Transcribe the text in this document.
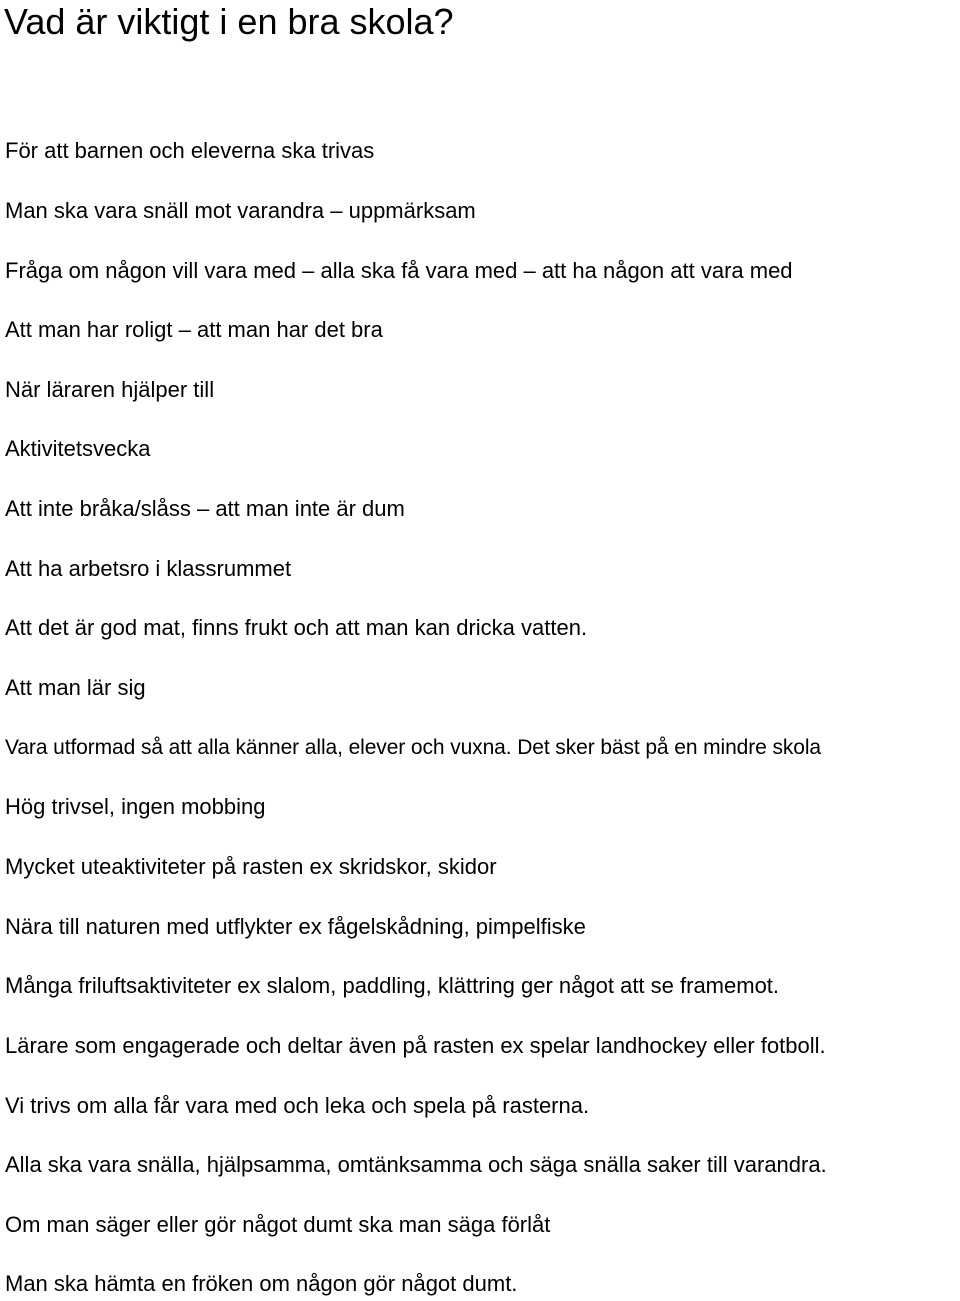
Vad är viktigt i en bra skola?

För att barnen och eleverna ska trivas

Man ska vara snäll mot varandra – uppmärksam

Fråga om någon vill vara med – alla ska få vara med – att ha någon att vara med

Att man har roligt – att man har det bra

När läraren hjälper till

Aktivitetsvecka

Att inte bråka/slåss – att man inte är dum

Att ha arbetsro i klassrummet

Att det är god mat, finns frukt och att man kan dricka vatten.

Att man lär sig

Vara utformad så att alla känner alla, elever och vuxna. Det sker bäst på en mindre skola

Hög trivsel, ingen mobbing

Mycket uteaktiviteter på rasten ex skridskor, skidor

Nära till naturen med utflykter ex fågelskådning, pimpelfiske

Många friluftsaktiviteter ex slalom, paddling, klättring ger något att se framemot.

Lärare som engagerade och deltar även på rasten ex spelar landhockey eller fotboll.

Vi trivs om alla får vara med och leka och spela på rasterna.

Alla ska vara snälla, hjälpsamma, omtänksamma och säga snälla saker till varandra.

Om man säger eller gör något dumt ska man säga förlåt

Man ska hämta en fröken om någon gör något dumt.
